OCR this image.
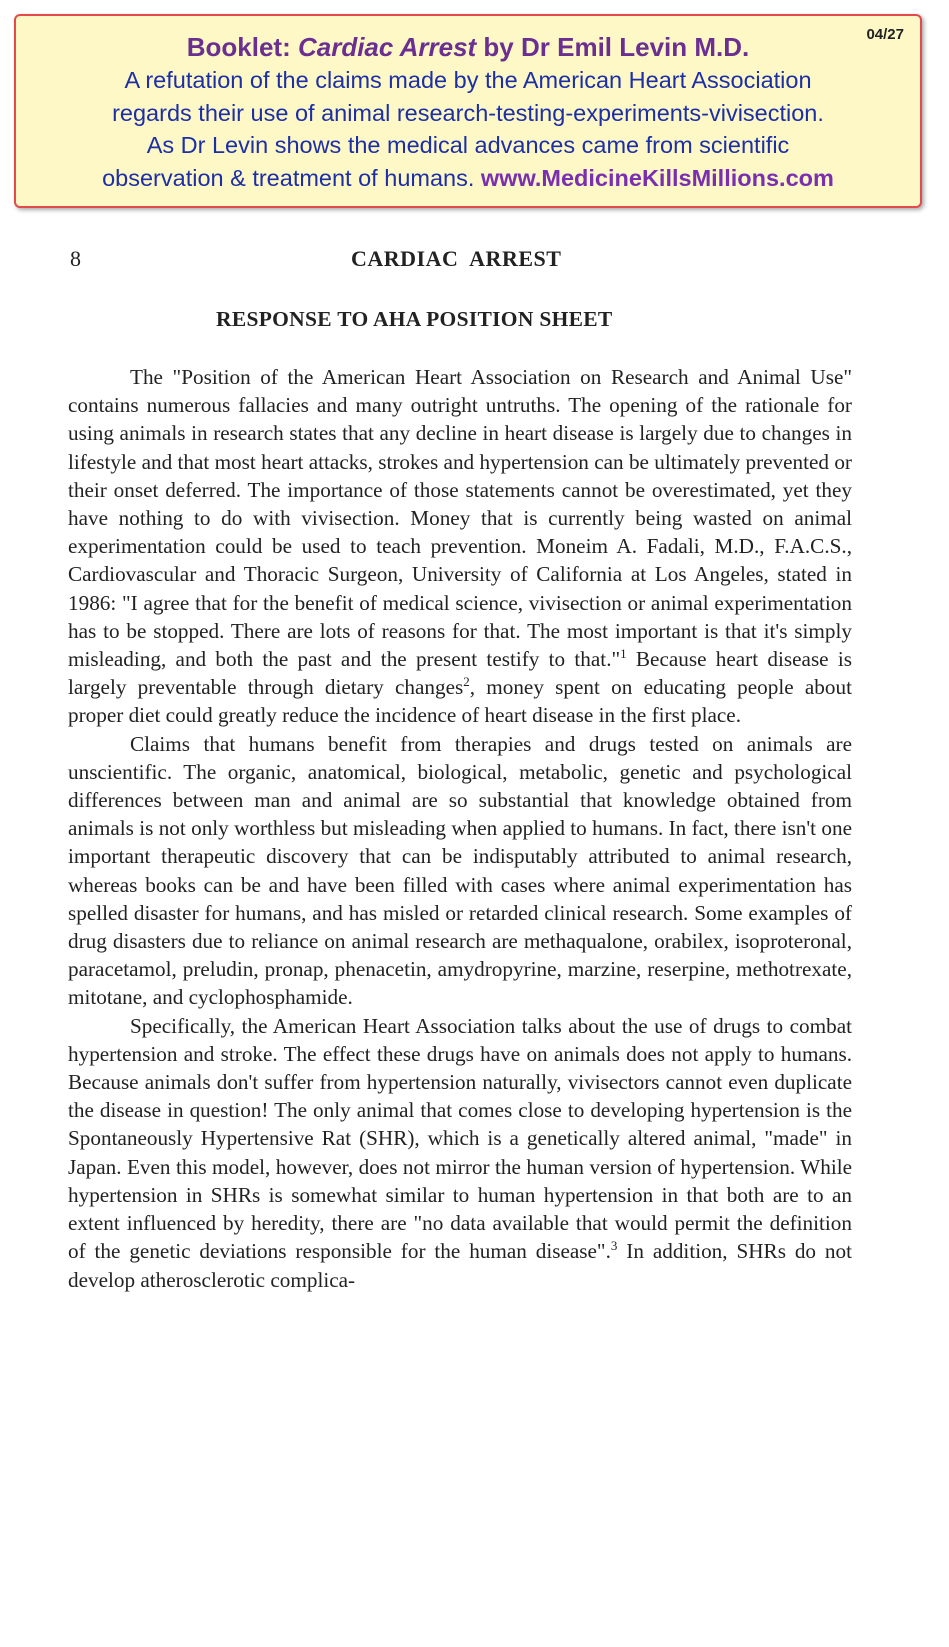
04/27
Booklet: Cardiac Arrest by Dr Emil Levin M.D.
A refutation of the claims made by the American Heart Association
regards their use of animal research-testing-experiments-vivisection.
As Dr Levin shows the medical advances came from scientific
observation & treatment of humans. www.MedicineKillsMillions.com
8	CARDIAC  ARREST
RESPONSE TO AHA POSITION SHEET

The "Position of the American Heart Association on Research and Animal Use" contains numerous fallacies and many outright untruths. The opening of the rationale for using animals in research states that any decline in heart disease is largely due to changes in lifestyle and that most heart attacks, strokes and hypertension can be ultimately prevented or their onset deferred. The importance of those statements cannot be overestimated, yet they have nothing to do with vivisection. Money that is currently being wasted on animal experimentation could be used to teach prevention. Moneim A. Fadali, M.D., F.A.C.S., Cardiovascular and Thoracic Surgeon, University of California at Los Angeles, stated in 1986: "I agree that for the benefit of medical science, vivisection or animal experimentation has to be stopped. There are lots of reasons for that. The most important is that it's simply misleading, and both the past and the present testify to that."$^1$ Because heart disease is largely preventable through dietary changes$^2$, money spent on educating people about proper diet could greatly reduce the incidence of heart disease in the first place.

Claims that humans benefit from therapies and drugs tested on animals are unscientific. The organic, anatomical, biological, metabolic, genetic and psychological differences between man and animal are so substantial that knowledge obtained from animals is not only worthless but misleading when applied to humans. In fact, there isn't one important therapeutic discovery that can be indisputably attributed to animal research, whereas books can be and have been filled with cases where animal experimentation has spelled disaster for humans, and has misled or retarded clinical research. Some examples of drug disasters due to reliance on animal research are methaqualone, orabilex, isoproteronal, paracetamol, preludin, pronap, phenacetin, amydropyrine, marzine, reserpine, methotrexate, mitotane, and cyclophosphamide.

Specifically, the American Heart Association talks about the use of drugs to combat hypertension and stroke. The effect these drugs have on animals does not apply to humans. Because animals don't suffer from hypertension naturally, vivisectors cannot even duplicate the disease in question! The only animal that comes close to developing hypertension is the Spontaneously Hypertensive Rat (SHR), which is a genetically altered animal, "made" in Japan. Even this model, however, does not mirror the human version of hypertension. While hypertension in SHRs is somewhat similar to human hypertension in that both are to an extent influenced by heredity, there are "no data available that would permit the definition of the genetic deviations responsible for the human disease".$^3$ In addition, SHRs do not develop atherosclerotic complica-
